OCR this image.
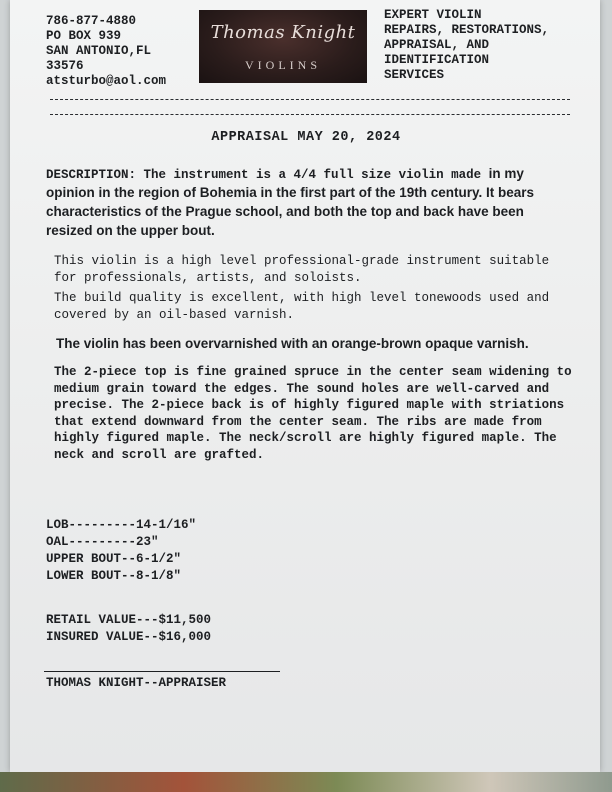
786-877-4880
PO BOX 939
SAN ANTONIO,FL
33576
atsturbo@aol.com
Thomas Knight
VIOLINS
EXPERT VIOLIN
REPAIRS, RESTORATIONS,
APPRAISAL, AND
IDENTIFICATION
SERVICES
APPRAISAL MAY 20, 2024

DESCRIPTION: The instrument is a 4/4 full size violin made in my opinion in the region of Bohemia in the first part of the 19th century. It bears characteristics of the Prague school, and both the top and back have been resized on the upper bout.

This violin is a high level professional-grade instrument suitable for professionals, artists, and soloists.

The build quality is excellent, with high level tonewoods used and covered by an oil-based varnish.

The violin has been overvarnished with an orange-brown opaque varnish.

The 2-piece top is fine grained spruce in the center seam widening to medium grain toward the edges. The sound holes are well-carved and precise. The 2-piece back is of highly figured maple with striations that extend downward from the center seam. The ribs are made from highly figured maple. The neck/scroll are highly figured maple. The neck and scroll are grafted.

LOB---------14-1/16"
OAL---------23"
UPPER BOUT--6-1/2"
LOWER BOUT--8-1/8"
RETAIL VALUE---$11,500
INSURED VALUE--$16,000
THOMAS KNIGHT--APPRAISER
